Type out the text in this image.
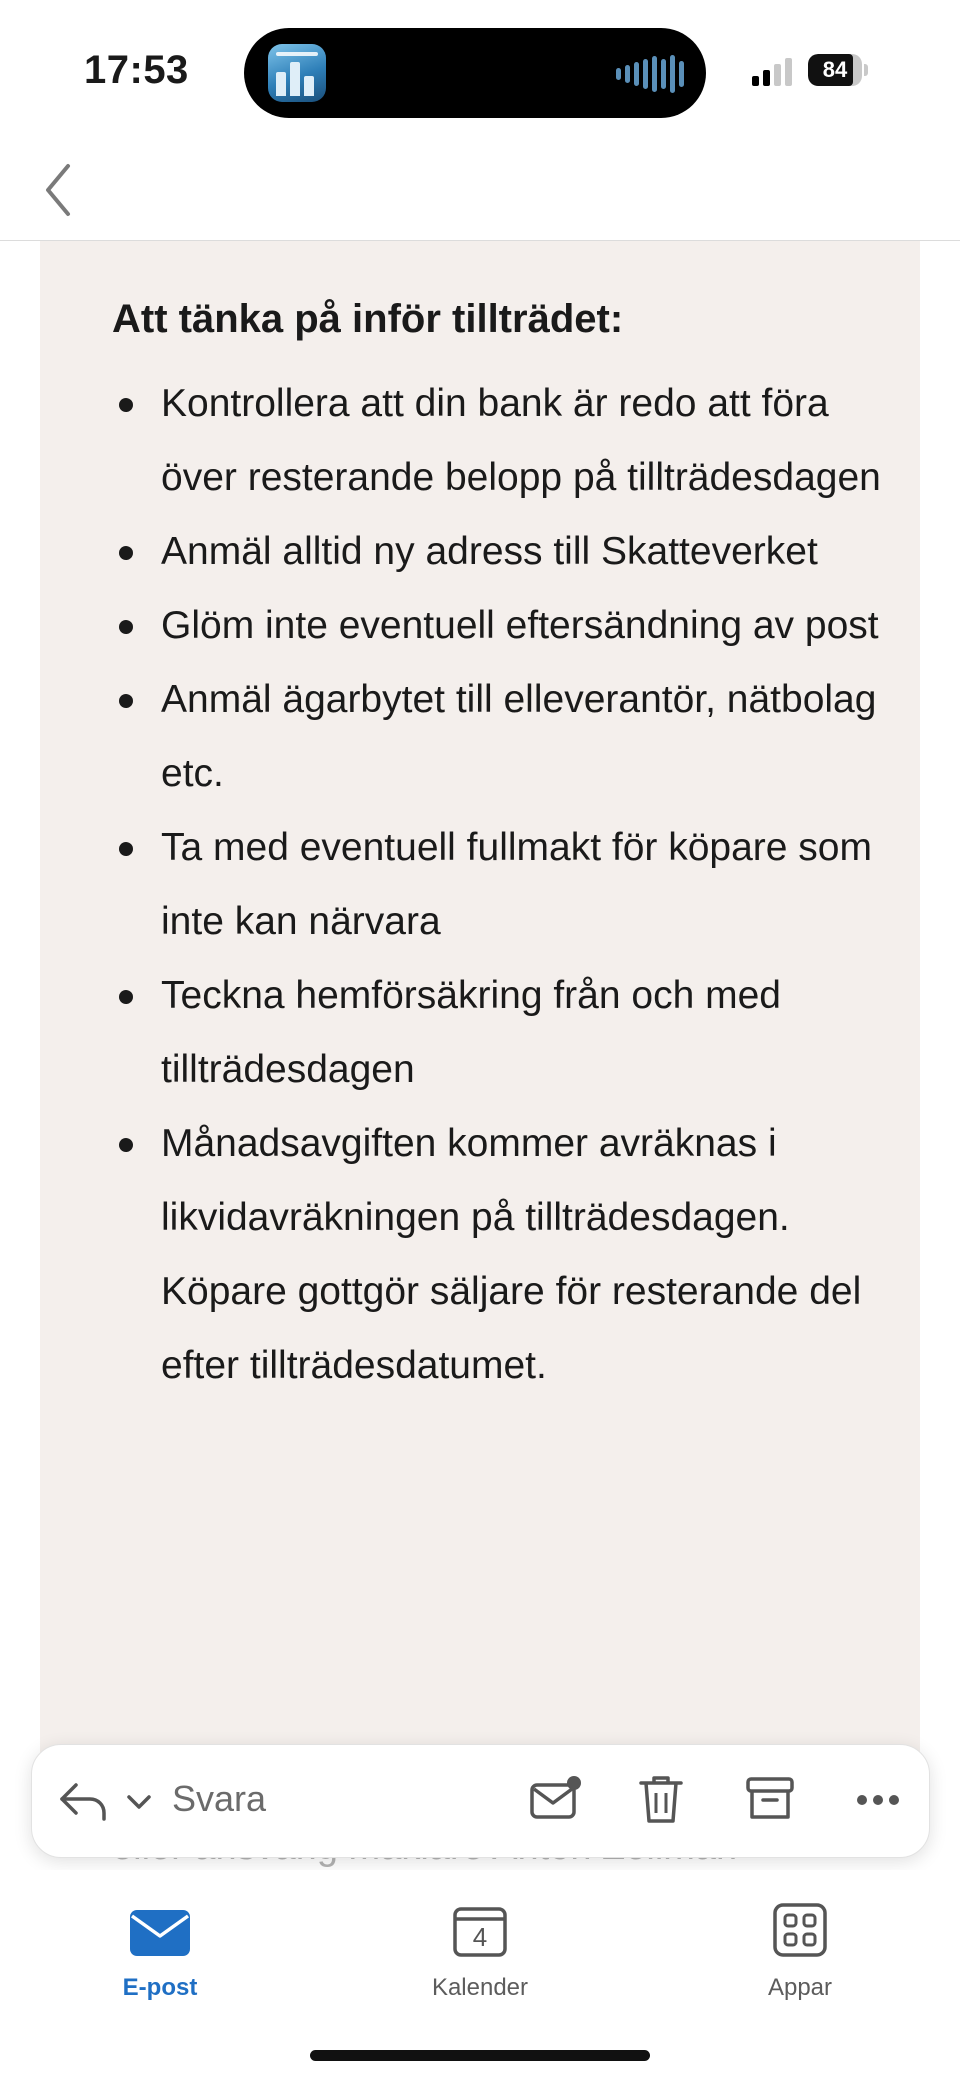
17:53	84
Att tänka på inför tillträdet:
Kontrollera att din bank är redo att föra över resterande belopp på tillträdesdagen
Anmäl alltid ny adress till Skatteverket
Glöm inte eventuell eftersändning av post
Anmäl ägarbytet till elleverantör, nätbolag etc.
Ta med eventuell fullmakt för köpare som inte kan närvara
Teckna hemförsäkring från och med tillträdesdagen
Månadsavgiften kommer avräknas i likvidavräkningen på tillträdesdagen. Köpare gottgör säljare för resterande del efter tillträdesdatumet.
Svara
E-post
4
Kalender	Appar
